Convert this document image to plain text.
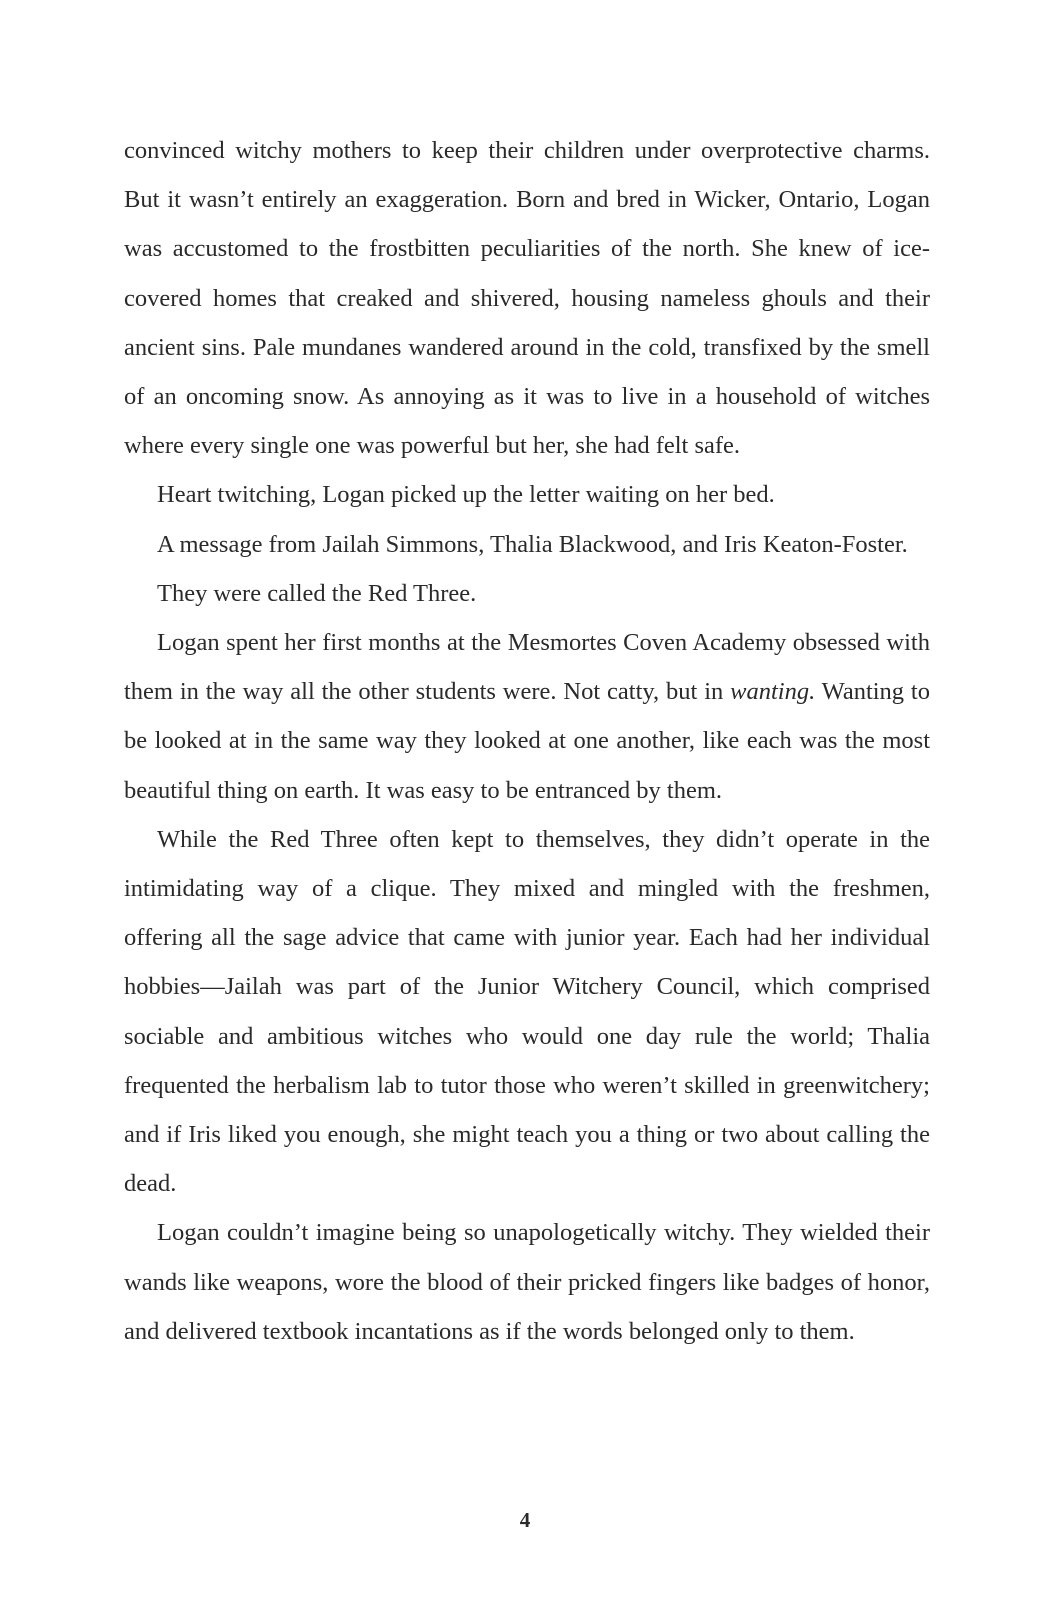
convinced witchy mothers to keep their children under overprotective charms. But it wasn’t entirely an exaggeration. Born and bred in Wicker, Ontario, Logan was accustomed to the frostbitten peculiarities of the north. She knew of ice-covered homes that creaked and shivered, housing nameless ghouls and their ancient sins. Pale mundanes wandered around in the cold, transfixed by the smell of an oncoming snow. As annoying as it was to live in a household of witches where every single one was powerful but her, she had felt safe.

Heart twitching, Logan picked up the letter waiting on her bed.

A message from Jailah Simmons, Thalia Blackwood, and Iris Keaton-Foster.

They were called the Red Three.

Logan spent her first months at the Mesmortes Coven Academy obsessed with them in the way all the other students were. Not catty, but in wanting. Wanting to be looked at in the same way they looked at one another, like each was the most beautiful thing on earth. It was easy to be entranced by them.

While the Red Three often kept to themselves, they didn’t operate in the intimidating way of a clique. They mixed and mingled with the freshmen, offering all the sage advice that came with junior year. Each had her individual hobbies—Jailah was part of the Junior Witchery Council, which comprised sociable and ambitious witches who would one day rule the world; Thalia frequented the herbalism lab to tutor those who weren’t skilled in greenwitchery; and if Iris liked you enough, she might teach you a thing or two about calling the dead.

Logan couldn’t imagine being so unapologetically witchy. They wielded their wands like weapons, wore the blood of their pricked fingers like badges of honor, and delivered textbook incantations as if the words belonged only to them.

4
